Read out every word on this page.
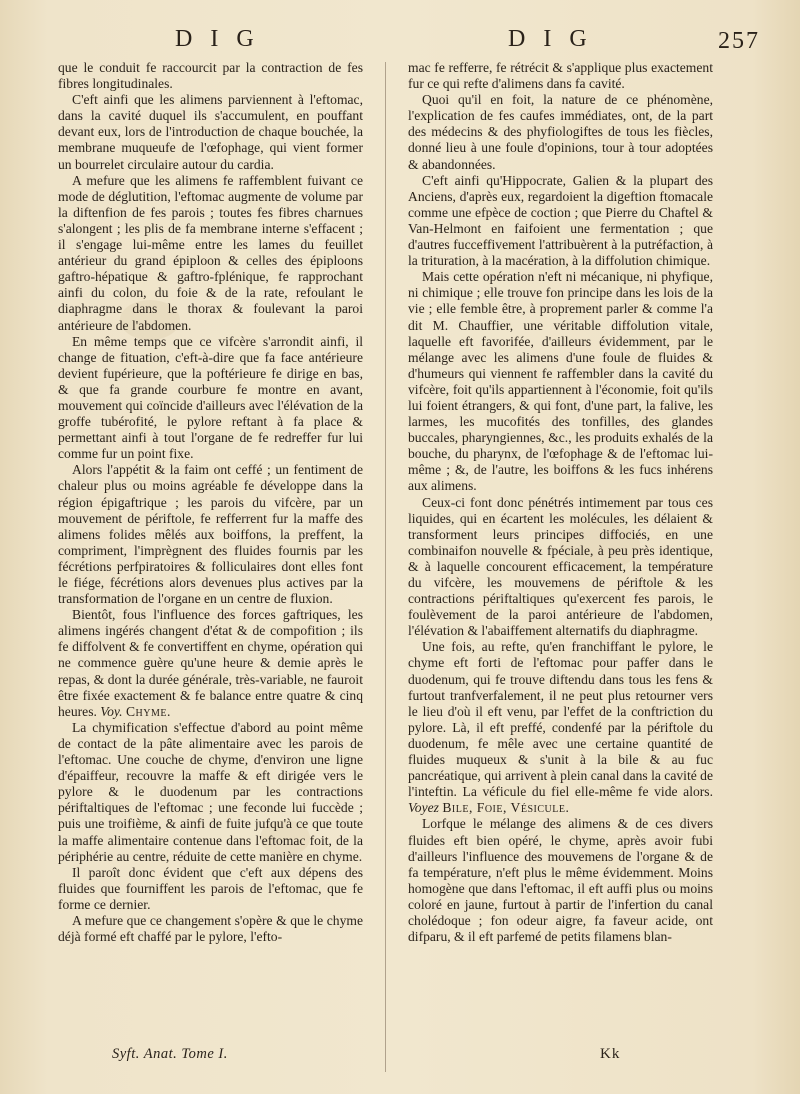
D I G	D I G	257

que le conduit fe raccourcit par la contraction de fes fibres longitudinales.

C'eft ainfi que les alimens parviennent à l'eftomac, dans la cavité duquel ils s'accumulent, en pouffant devant eux, lors de l'introduction de chaque bouchée, la membrane muqueufe de l'œfophage, qui vient former un bourrelet circulaire autour du cardia.

A mefure que les alimens fe raffemblent fuivant ce mode de déglutition, l'eftomac augmente de volume par la diftenfion de fes parois ; toutes fes fibres charnues s'alongent ; les plis de fa membrane interne s'effacent ; il s'engage lui-même entre les lames du feuillet antérieur du grand épiploon & celles des épiploons gaftro-hépatique & gaftro-fplénique, fe rapprochant ainfi du colon, du foie & de la rate, refoulant le diaphragme dans le thorax & foulevant la paroi antérieure de l'abdomen.

En même temps que ce vifcère s'arrondit ainfi, il change de fituation, c'eft-à-dire que fa face antérieure devient fupérieure, que la poftérieure fe dirige en bas, & que fa grande courbure fe montre en avant, mouvement qui coïncide d'ailleurs avec l'élévation de la groffe tubérofité, le pylore reftant à fa place & permettant ainfi à tout l'organe de fe redreffer fur lui comme fur un point fixe.

Alors l'appétit & la faim ont ceffé ; un fentiment de chaleur plus ou moins agréable fe développe dans la région épigaftrique ; les parois du vifcère, par un mouvement de périftole, fe refferrent fur la maffe des alimens folides mêlés aux boiffons, la preffent, la compriment, l'imprègnent des fluides fournis par les fécrétions perfpiratoires & folliculaires dont elles font le fiége, fécrétions alors devenues plus actives par la transformation de l'organe en un centre de fluxion.

Bientôt, fous l'influence des forces gaftriques, les alimens ingérés changent d'état & de compofition ; ils fe diffolvent & fe convertiffent en chyme, opération qui ne commence guère qu'une heure & demie après le repas, & dont la durée générale, très-variable, ne fauroit être fixée exactement & fe balance entre quatre & cinq heures. Voy. Chyme.

La chymification s'effectue d'abord au point même de contact de la pâte alimentaire avec les parois de l'eftomac. Une couche de chyme, d'environ une ligne d'épaiffeur, recouvre la maffe & eft dirigée vers le pylore & le duodenum par les contractions périftaltiques de l'eftomac ; une feconde lui fuccède ; puis une troifième, & ainfi de fuite jufqu'à ce que toute la maffe alimentaire contenue dans l'eftomac foit, de la périphérie au centre, réduite de cette manière en chyme.

Il paroît donc évident que c'eft aux dépens des fluides que fourniffent les parois de l'eftomac, que fe forme ce dernier.

A mefure que ce changement s'opère & que le chyme déjà formé eft chaffé par le pylore, l'efto-

mac fe refferre, fe rétrécit & s'applique plus exactement fur ce qui refte d'alimens dans fa cavité.

Quoi qu'il en foit, la nature de ce phénomène, l'explication de fes caufes immédiates, ont, de la part des médecins & des phyfiologiftes de tous les fiècles, donné lieu à une foule d'opinions, tour à tour adoptées & abandonnées.

C'eft ainfi qu'Hippocrate, Galien & la plupart des Anciens, d'après eux, regardoient la digeftion ftomacale comme une efpèce de coction ; que Pierre du Chaftel & Van-Helmont en faifoient une fermentation ; que d'autres fucceffivement l'attribuèrent à la putréfaction, à la trituration, à la macération, à la diffolution chimique.

Mais cette opération n'eft ni mécanique, ni phyfique, ni chimique ; elle trouve fon principe dans les lois de la vie ; elle femble être, à proprement parler & comme l'a dit M. Chauffier, une véritable diffolution vitale, laquelle eft favorifée, d'ailleurs évidemment, par le mélange avec les alimens d'une foule de fluides & d'humeurs qui viennent fe raffembler dans la cavité du vifcère, foit qu'ils appartiennent à l'économie, foit qu'ils lui foient étrangers, & qui font, d'une part, la falive, les larmes, les mucofités des tonfilles, des glandes buccales, pharyngiennes, &c., les produits exhalés de la bouche, du pharynx, de l'œfophage & de l'eftomac lui-même ; &, de l'autre, les boiffons & les fucs inhérens aux alimens.

Ceux-ci font donc pénétrés intimement par tous ces liquides, qui en écartent les molécules, les délaient & transforment leurs principes diffociés, en une combinaifon nouvelle & fpéciale, à peu près identique, & à laquelle concourent efficacement, la température du vifcère, les mouvemens de périftole & les contractions périftaltiques qu'exercent fes parois, le foulèvement de la paroi antérieure de l'abdomen, l'élévation & l'abaiffement alternatifs du diaphragme.

Une fois, au refte, qu'en franchiffant le pylore, le chyme eft forti de l'eftomac pour paffer dans le duodenum, qui fe trouve diftendu dans tous les fens & furtout tranfverfalement, il ne peut plus retourner vers le lieu d'où il eft venu, par l'effet de la conftriction du pylore. Là, il eft preffé, condenfé par la périftole du duodenum, fe mêle avec une certaine quantité de fluides muqueux & s'unit à la bile & au fuc pancréatique, qui arrivent à plein canal dans la cavité de l'inteftin. La véficule du fiel elle-même fe vide alors. Voyez Bile, Foie, Vésicule.

Lorfque le mélange des alimens & de ces divers fluides eft bien opéré, le chyme, après avoir fubi d'ailleurs l'influence des mouvemens de l'organe & de fa température, n'eft plus le même évidemment. Moins homogène que dans l'eftomac, il eft auffi plus ou moins coloré en jaune, furtout à partir de l'infertion du canal cholédoque ; fon odeur aigre, fa faveur acide, ont difparu, & il eft parfemé de petits filamens blan-

Syft. Anat. Tome I.	Kk
